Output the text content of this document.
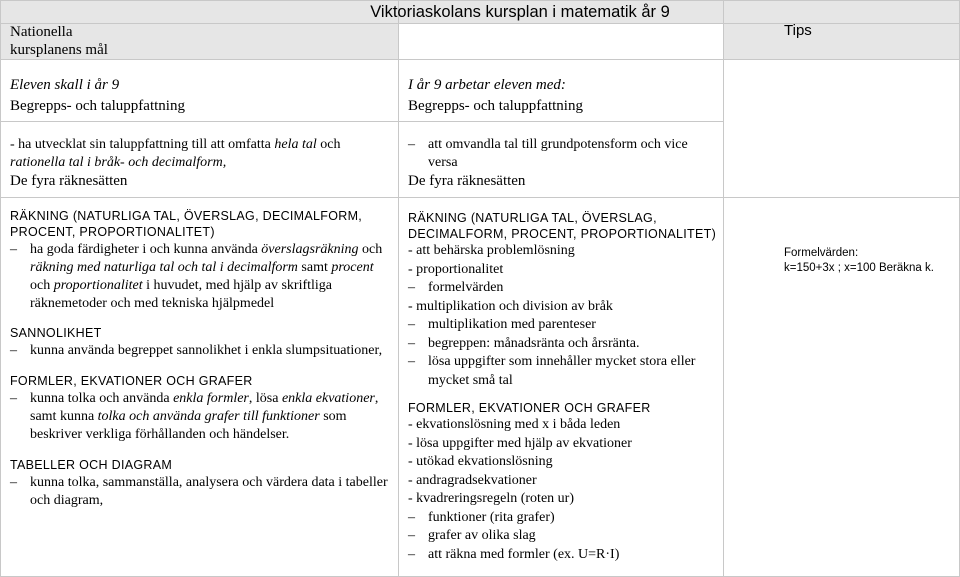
Viktoriaskolans kursplan i matematik år 9
Nationella kursplanens mål
Tips
Eleven skall i år 9
Begrepps- och taluppfattning
I år 9 arbetar eleven med:
Begrepps- och taluppfattning
- ha utvecklat sin taluppfattning till att omfatta hela tal och rationella tal i bråk- och decimalform,
De fyra räknesätten
– att omvandla tal till grundpotensform och vice versa
De fyra räknesätten
RÄKNING (NATURLIGA TAL, ÖVERSLAG, DECIMALFORM,
PROCENT, PROPORTIONALITET)
– ha goda färdigheter i och kunna använda överslagsräkning och räkning med naturliga tal och tal i decimalform samt procent och proportionalitet i huvudet, med hjälp av skriftliga räknemetoder och med tekniska hjälpmedel
SANNOLIKHET
– kunna använda begreppet sannolikhet i enkla slumpsituationer,
FORMLER, EKVATIONER OCH GRAFER
– kunna tolka och använda enkla formler, lösa enkla ekvationer, samt kunna tolka och använda grafer till funktioner som beskriver verkliga förhållanden och händelser.
TABELLER OCH DIAGRAM
– kunna tolka, sammanställa, analysera och värdera data i tabeller och diagram,
RÄKNING (NATURLIGA TAL, ÖVERSLAG,
DECIMALFORM, PROCENT, PROPORTIONALITET)
- att behärska problemlösning
- proportionalitet
– formelvärden
- multiplikation och division av bråk
– multiplikation med parenteser
– begreppen: månadsränta och årsränta.
– lösa uppgifter som innehåller mycket stora eller mycket små tal
FORMLER, EKVATIONER OCH GRAFER
- ekvationslösning med x i båda leden
- lösa uppgifter med hjälp av ekvationer
- utökad ekvationslösning
- andragradsekvationer
- kvadreringsregeln (roten ur)
– funktioner (rita grafer)
– grafer av olika slag
– att räkna med formler (ex. U=R·I)
Formelvärden:
k=150+3x ; x=100 Beräkna k.
